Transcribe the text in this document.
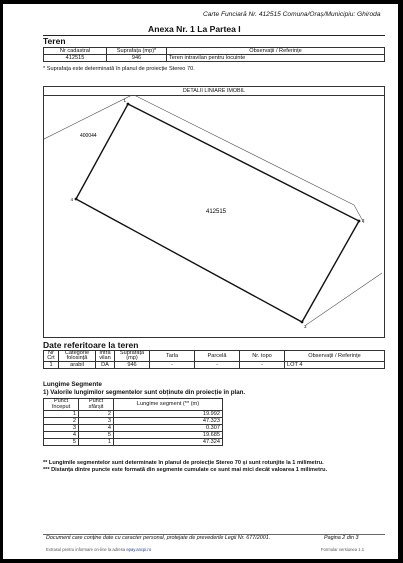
Carte Funciară Nr. 412515 Comuna/Oraș/Municipiu: Ghiroda
Anexa Nr. 1 La Partea I
Teren
Nr cadastral	Suprafața (mp)*	Observații / Referințe
412515	946	Teren intravilan pentru locuinte
* Suprafața este determinată în planul de proiecție Stereo 70.
DETALII LINIARE IMOBIL
1
2
3
4
400044
412515
Date referitoare la teren
Nr Crt	Categorie folosință	Intra vilan	Suprafața (mp)	Tarla	Parcelă	Nr. topo	Observații / Referințe
1	arabil	DA	946	-	-	-	LOT 4
Lungime Segmente
1) Valorile lungimilor segmentelor sunt obținute din proiecție în plan.
Punct început	Punct sfârșit	Lungime segment (** (m)
1	2	19.992
2	3	47.323
3	4	0.307
4	5	19.685
5	1	47.324
** Lungimile segmentelor sunt determinate în planul de proiecție Stereo 70 și sunt rotunjite la 1 milimetru.
*** Distanța dintre puncte este formată din segmente cumulate ce sunt mai mici decât valoarea 1 milimetru.
Document care conține date cu caracter personal, protejate de prevederile Legii Nr. 677/2001.	Pagina 2 din 3
Extrasul pentru informare on-line la adresa epay.ancpi.ro	Formular versiunea 1.1
